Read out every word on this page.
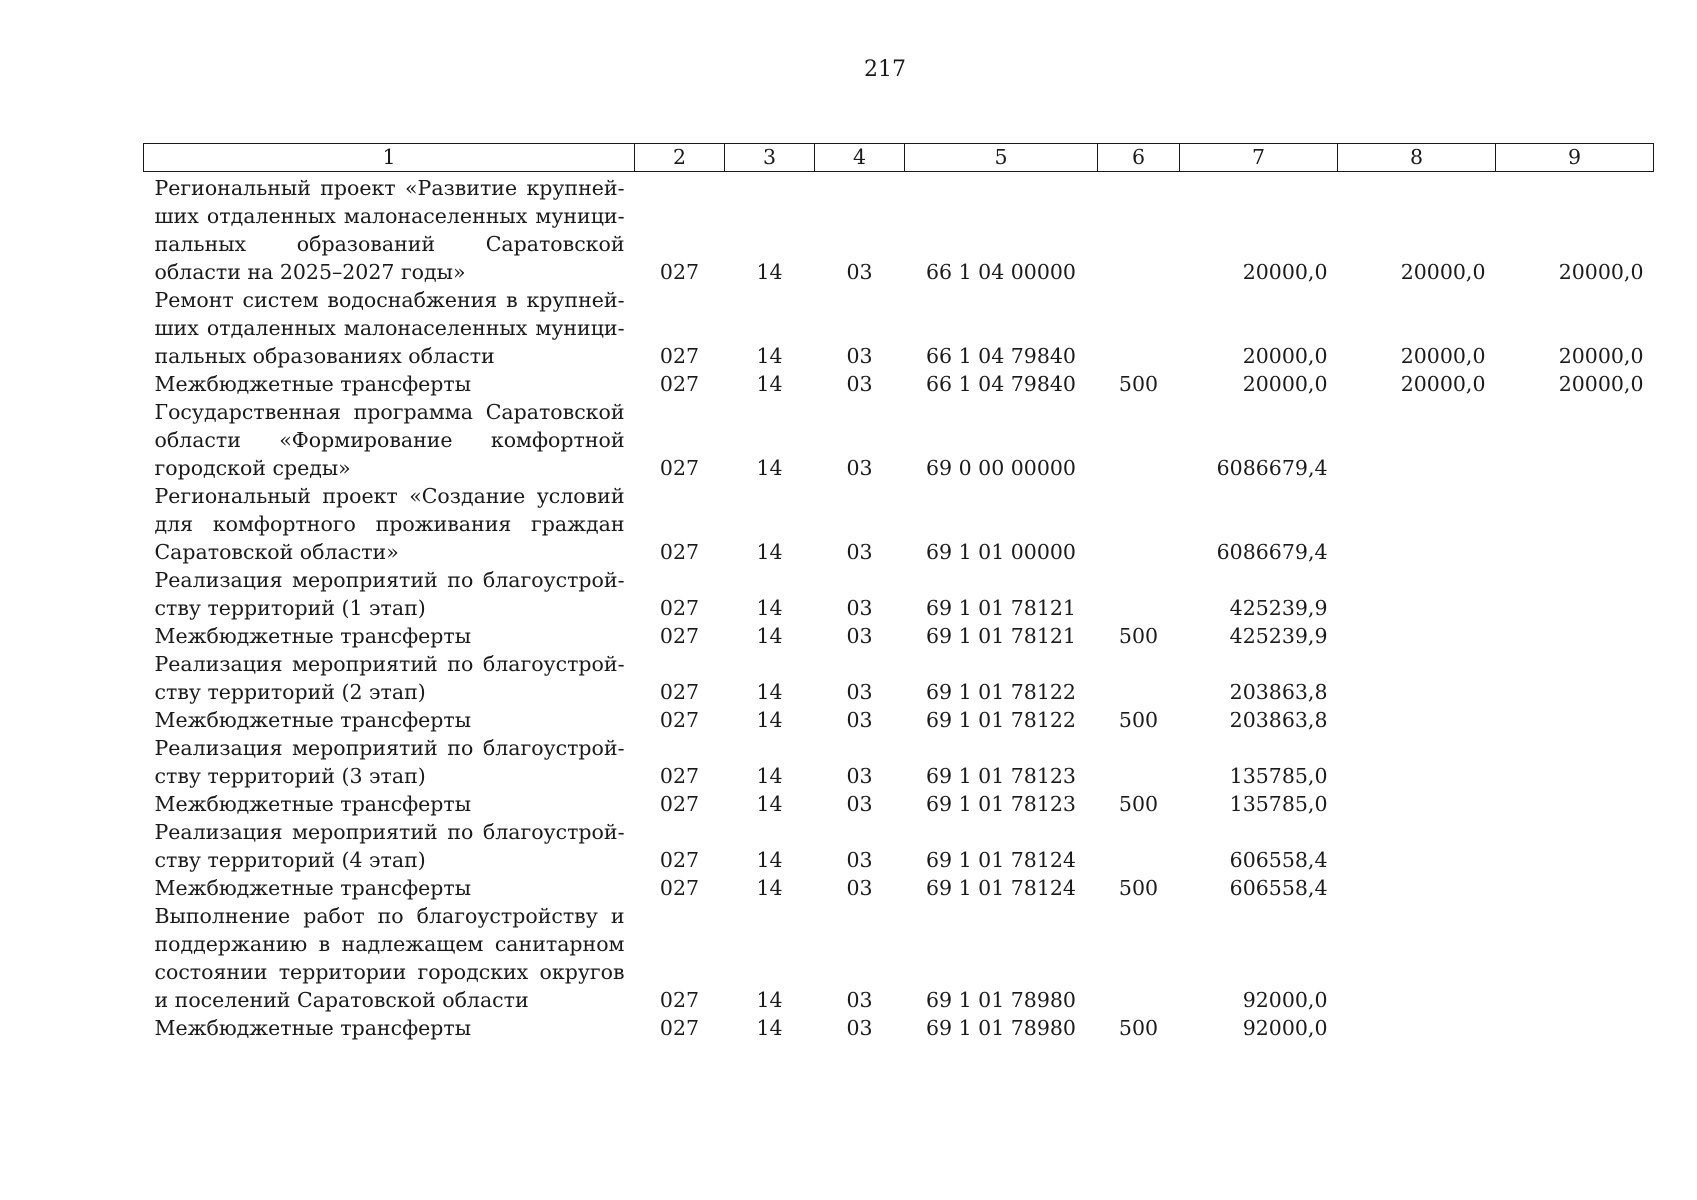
217
1	2	3	4	5	6	7	8	9
Региональный проект «Развитие крупнейших отдаленных малонаселенных муниципальных образований Саратовской области на 2025–2027 годы»	027	14	03	66 1 04 00000		20000,0	20000,0	20000,0
Ремонт систем водоснабжения в крупнейших отдаленных малонаселенных муниципальных образованиях области	027	14	03	66 1 04 79840		20000,0	20000,0	20000,0
Межбюджетные трансферты	027	14	03	66 1 04 79840	500	20000,0	20000,0	20000,0
Государственная программа Саратовской области «Формирование комфортной городской среды»	027	14	03	69 0 00 00000		6086679,4		
Региональный проект «Создание условий для комфортного проживания граждан Саратовской области»	027	14	03	69 1 01 00000		6086679,4		
Реализация мероприятий по благоустройству территорий (1 этап)	027	14	03	69 1 01 78121		425239,9		
Межбюджетные трансферты	027	14	03	69 1 01 78121	500	425239,9		
Реализация мероприятий по благоустройству территорий (2 этап)	027	14	03	69 1 01 78122		203863,8		
Межбюджетные трансферты	027	14	03	69 1 01 78122	500	203863,8		
Реализация мероприятий по благоустройству территорий (3 этап)	027	14	03	69 1 01 78123		135785,0		
Межбюджетные трансферты	027	14	03	69 1 01 78123	500	135785,0		
Реализация мероприятий по благоустройству территорий (4 этап)	027	14	03	69 1 01 78124		606558,4		
Межбюджетные трансферты	027	14	03	69 1 01 78124	500	606558,4		
Выполнение работ по благоустройству и поддержанию в надлежащем санитарном состоянии территории городских округов и поселений Саратовской области	027	14	03	69 1 01 78980		92000,0		
Межбюджетные трансферты	027	14	03	69 1 01 78980	500	92000,0		
